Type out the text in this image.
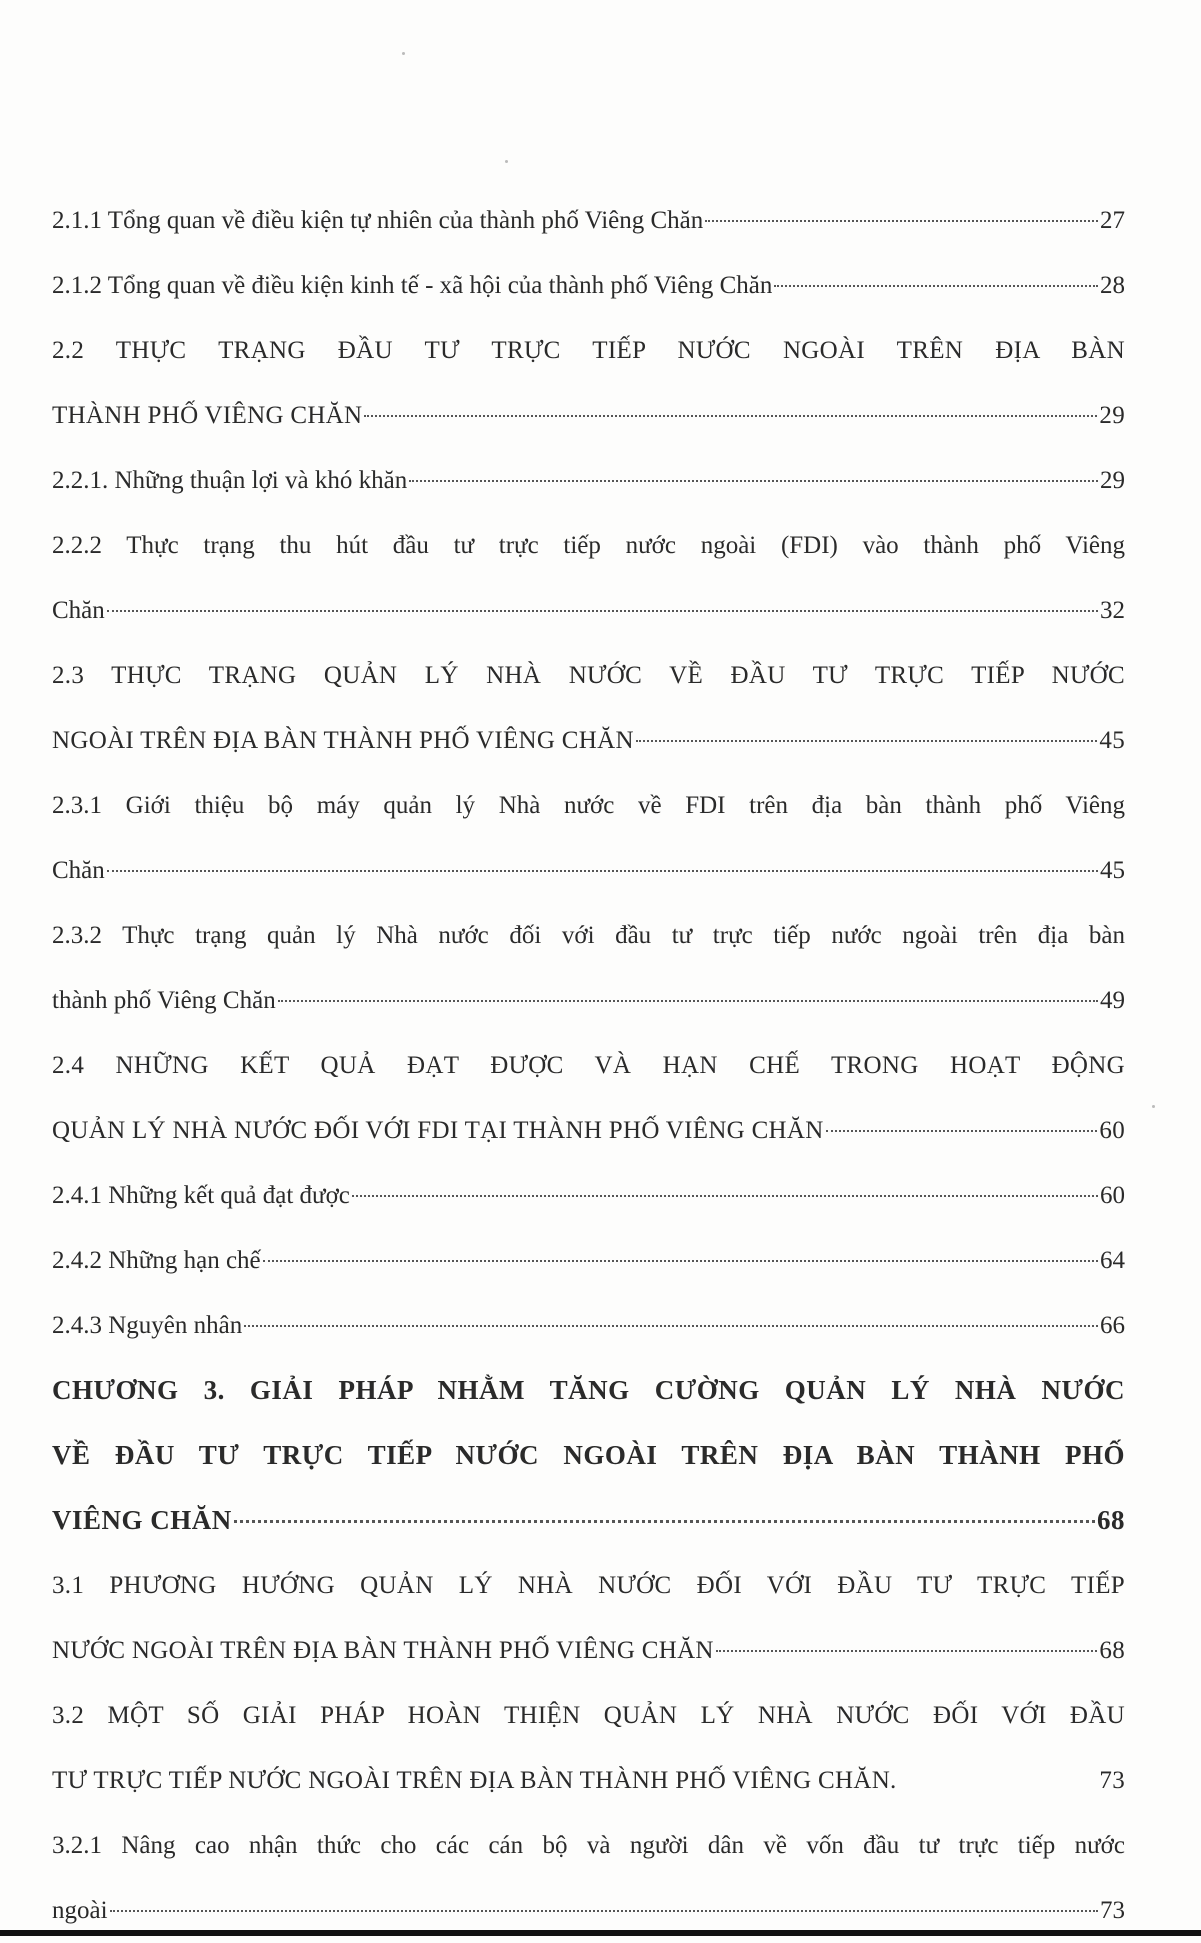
2.1.1 Tổng quan về điều kiện tự nhiên của thành phố Viêng Chăn	27
2.1.2 Tổng quan về điều kiện kinh tế - xã hội của thành phố Viêng Chăn	28
2.2 THỰC TRẠNG ĐẦU TƯ TRỰC TIẾP NƯỚC NGOÀI TRÊN ĐỊA BÀN
THÀNH PHỐ VIÊNG CHĂN	29
2.2.1. Những thuận lợi và khó khăn	29
2.2.2 Thực trạng thu hút đầu tư trực tiếp nước ngoài (FDI) vào thành phố Viêng
Chăn	32
2.3 THỰC TRẠNG QUẢN LÝ NHÀ NƯỚC VỀ ĐẦU TƯ TRỰC TIẾP NƯỚC
NGOÀI TRÊN ĐỊA BÀN THÀNH PHỐ VIÊNG CHĂN	45
2.3.1 Giới thiệu bộ máy quản lý Nhà nước về FDI trên địa bàn thành phố Viêng
Chăn	45
2.3.2 Thực trạng quản lý Nhà nước đối với đầu tư trực tiếp nước ngoài trên địa bàn
thành phố Viêng Chăn	49
2.4 NHỮNG KẾT QUẢ ĐẠT ĐƯỢC VÀ HẠN CHẾ TRONG HOẠT ĐỘNG
QUẢN LÝ NHÀ NƯỚC ĐỐI VỚI FDI TẠI THÀNH PHỐ VIÊNG CHĂN	60
2.4.1 Những kết quả đạt được	60
2.4.2 Những hạn chế	64
2.4.3 Nguyên nhân	66
CHƯƠNG 3. GIẢI PHÁP NHẰM TĂNG CƯỜNG QUẢN LÝ NHÀ NƯỚC
VỀ ĐẦU TƯ TRỰC TIẾP NƯỚC NGOÀI TRÊN ĐỊA BÀN THÀNH PHỐ
VIÊNG CHĂN	68
3.1 PHƯƠNG HƯỚNG QUẢN LÝ NHÀ NƯỚC ĐỐI VỚI ĐẦU TƯ TRỰC TIẾP
NƯỚC NGOÀI TRÊN ĐỊA BÀN THÀNH PHỐ VIÊNG CHĂN	68
3.2 MỘT SỐ GIẢI PHÁP HOÀN THIỆN QUẢN LÝ NHÀ NƯỚC ĐỐI VỚI ĐẦU
TƯ TRỰC TIẾP NƯỚC NGOÀI TRÊN ĐỊA BÀN THÀNH PHỐ VIÊNG CHĂN.	73
3.2.1 Nâng cao nhận thức cho các cán bộ và người dân về vốn đầu tư trực tiếp nước
ngoài	73
